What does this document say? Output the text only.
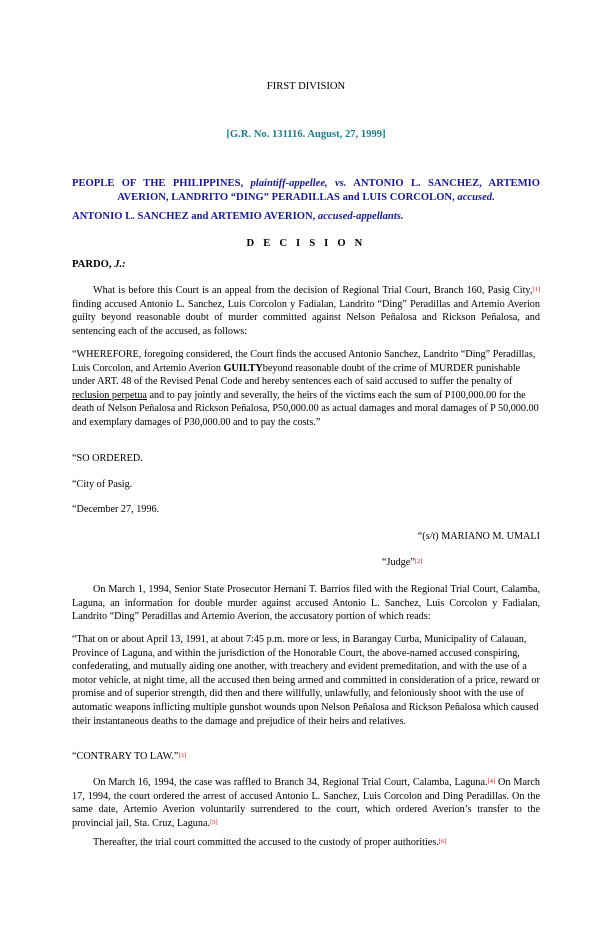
FIRST DIVISION

[G.R. No. 131116. August, 27, 1999]

PEOPLE OF THE PHILIPPINES, plaintiff-appellee, vs. ANTONIO L. SANCHEZ, ARTEMIO AVERION, LANDRITO “DING” PERADILLAS and LUIS CORCOLON, accused.

ANTONIO L. SANCHEZ and ARTEMIO AVERION, accused-appellants.

D E C I S I O N

PARDO, J.:

What is before this Court is an appeal from the decision of Regional Trial Court, Branch 160, Pasig City,[1] finding accused Antonio L. Sanchez, Luis Corcolon y Fadialan, Landrito “Ding” Peradillas and Artemio Averion guilty beyond reasonable doubt of murder committed against Nelson Peñalosa and Rickson Peñalosa, and sentencing each of the accused, as follows:

“WHEREFORE, foregoing considered, the Court finds the accused Antonio Sanchez, Landrito “Ding” Peradillas, Luis Corcolon, and Artemio Averion GUILTYbeyond reasonable doubt of the crime of MURDER punishable under ART. 48 of the Revised Penal Code and hereby sentences each of said accused to suffer the penalty of reclusion perpetua and to pay jointly and severally, the heirs of the victims each the sum of P100,000.00 for the death of Nelson Peñalosa and Rickson Peñalosa, P50,000.00 as actual damages and moral damages of P 50,000.00 and exemplary damages of P30,000.00 and to pay the costs.”

“SO ORDERED.

“City of Pasig.

“December 27, 1996.

“(s/t) MARIANO M. UMALI

“Judge”[2]

On March 1, 1994, Senior State Prosecutor Hernani T. Barrios filed with the Regional Trial Court, Calamba, Laguna, an information for double murder against accused Antonio L. Sanchez, Luis Corcolon y Fadialan, Landrito “Ding” Peradillas and Artemio Averion, the accusatory portion of which reads:

“That on or about April 13, 1991, at about 7:45 p.m. more or less, in Barangay Curba, Municipality of Calauan, Province of Laguna, and within the jurisdiction of the Honorable Court, the above-named accused conspiring, confederating, and mutually aiding one another, with treachery and evident premeditation, and with the use of a motor vehicle, at night time, all the accused then being armed and committed in consideration of a price, reward or promise and of superior strength, did then and there willfully, unlawfully, and feloniously shoot with the use of automatic weapons inflicting multiple gunshot wounds upon Nelson Peñalosa and Rickson Peñalosa which caused their instantaneous deaths to the damage and prejudice of their heirs and relatives.

“CONTRARY TO LAW.”[3]

On March 16, 1994, the case was raffled to Branch 34, Regional Trial Court, Calamba, Laguna.[4] On March 17, 1994, the court ordered the arrest of accused Antonio L. Sanchez, Luis Corcolon and Ding Peradillas. On the same date, Artemio Averion voluntarily surrendered to the court, which ordered Averion’s transfer to the provincial jail, Sta. Cruz, Laguna.[5]

Thereafter, the trial court committed the accused to the custody of proper authorities.[6]
